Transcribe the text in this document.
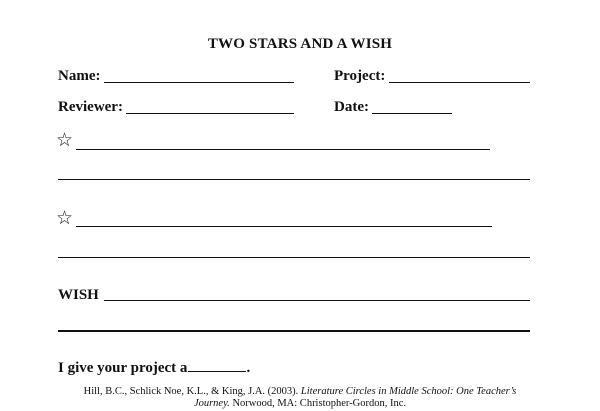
TWO STARS AND A WISH
Name:	Project:
Reviewer:	Date:
☆
☆
WISH
I give your project a	.
Hill, B.C., Schlick Noe, K.L., & King, J.A. (2003). Literature Circles in Middle School: One Teacher’s
Journey. Norwood, MA: Christopher-Gordon, Inc.
